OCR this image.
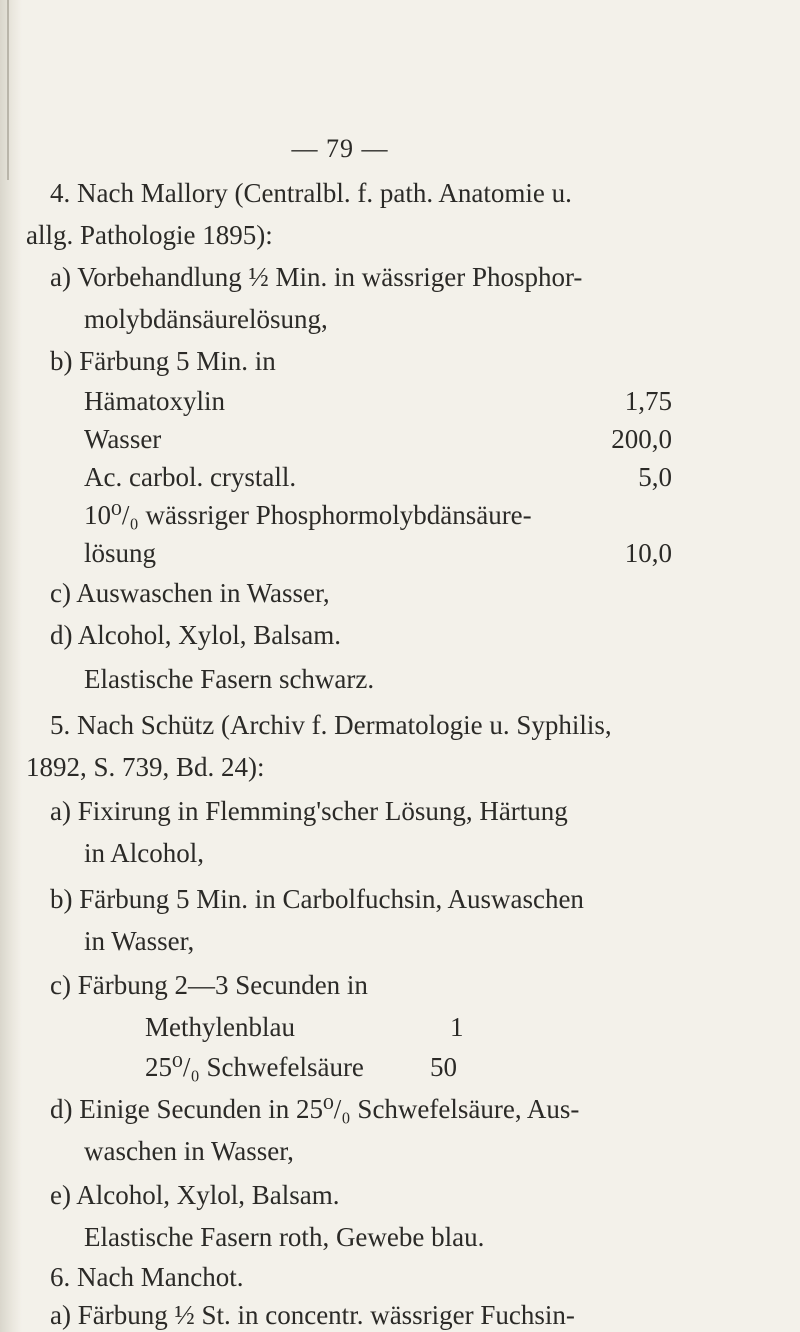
— 79 —
4. Nach Mallory (Centralbl. f. path. Anatomie u.
allg. Pathologie 1895):
a) Vorbehandlung ½ Min. in wässriger Phosphor-
molybdänsäurelösung,
b) Färbung 5 Min. in
Hämatoxylin	1,75
Wasser	200,0
Ac. carbol. crystall.	5,0
10⁰/₀ wässriger Phosphormolybdänsäure-
lösung	10,0
c) Auswaschen in Wasser,
d) Alcohol, Xylol, Balsam.
Elastische Fasern schwarz.
5. Nach Schütz (Archiv f. Dermatologie u. Syphilis,
1892, S. 739, Bd. 24):
a) Fixirung in Flemming'scher Lösung, Härtung
in Alcohol,
b) Färbung 5 Min. in Carbolfuchsin, Auswaschen
in Wasser,
c) Färbung 2—3 Secunden in
Methylenblau	1
25⁰/₀ Schwefelsäure 50
d) Einige Secunden in 25⁰/₀ Schwefelsäure, Aus-
waschen in Wasser,
e) Alcohol, Xylol, Balsam.
Elastische Fasern roth, Gewebe blau.
6. Nach Manchot.
a) Färbung ½ St. in concentr. wässriger Fuchsin-
